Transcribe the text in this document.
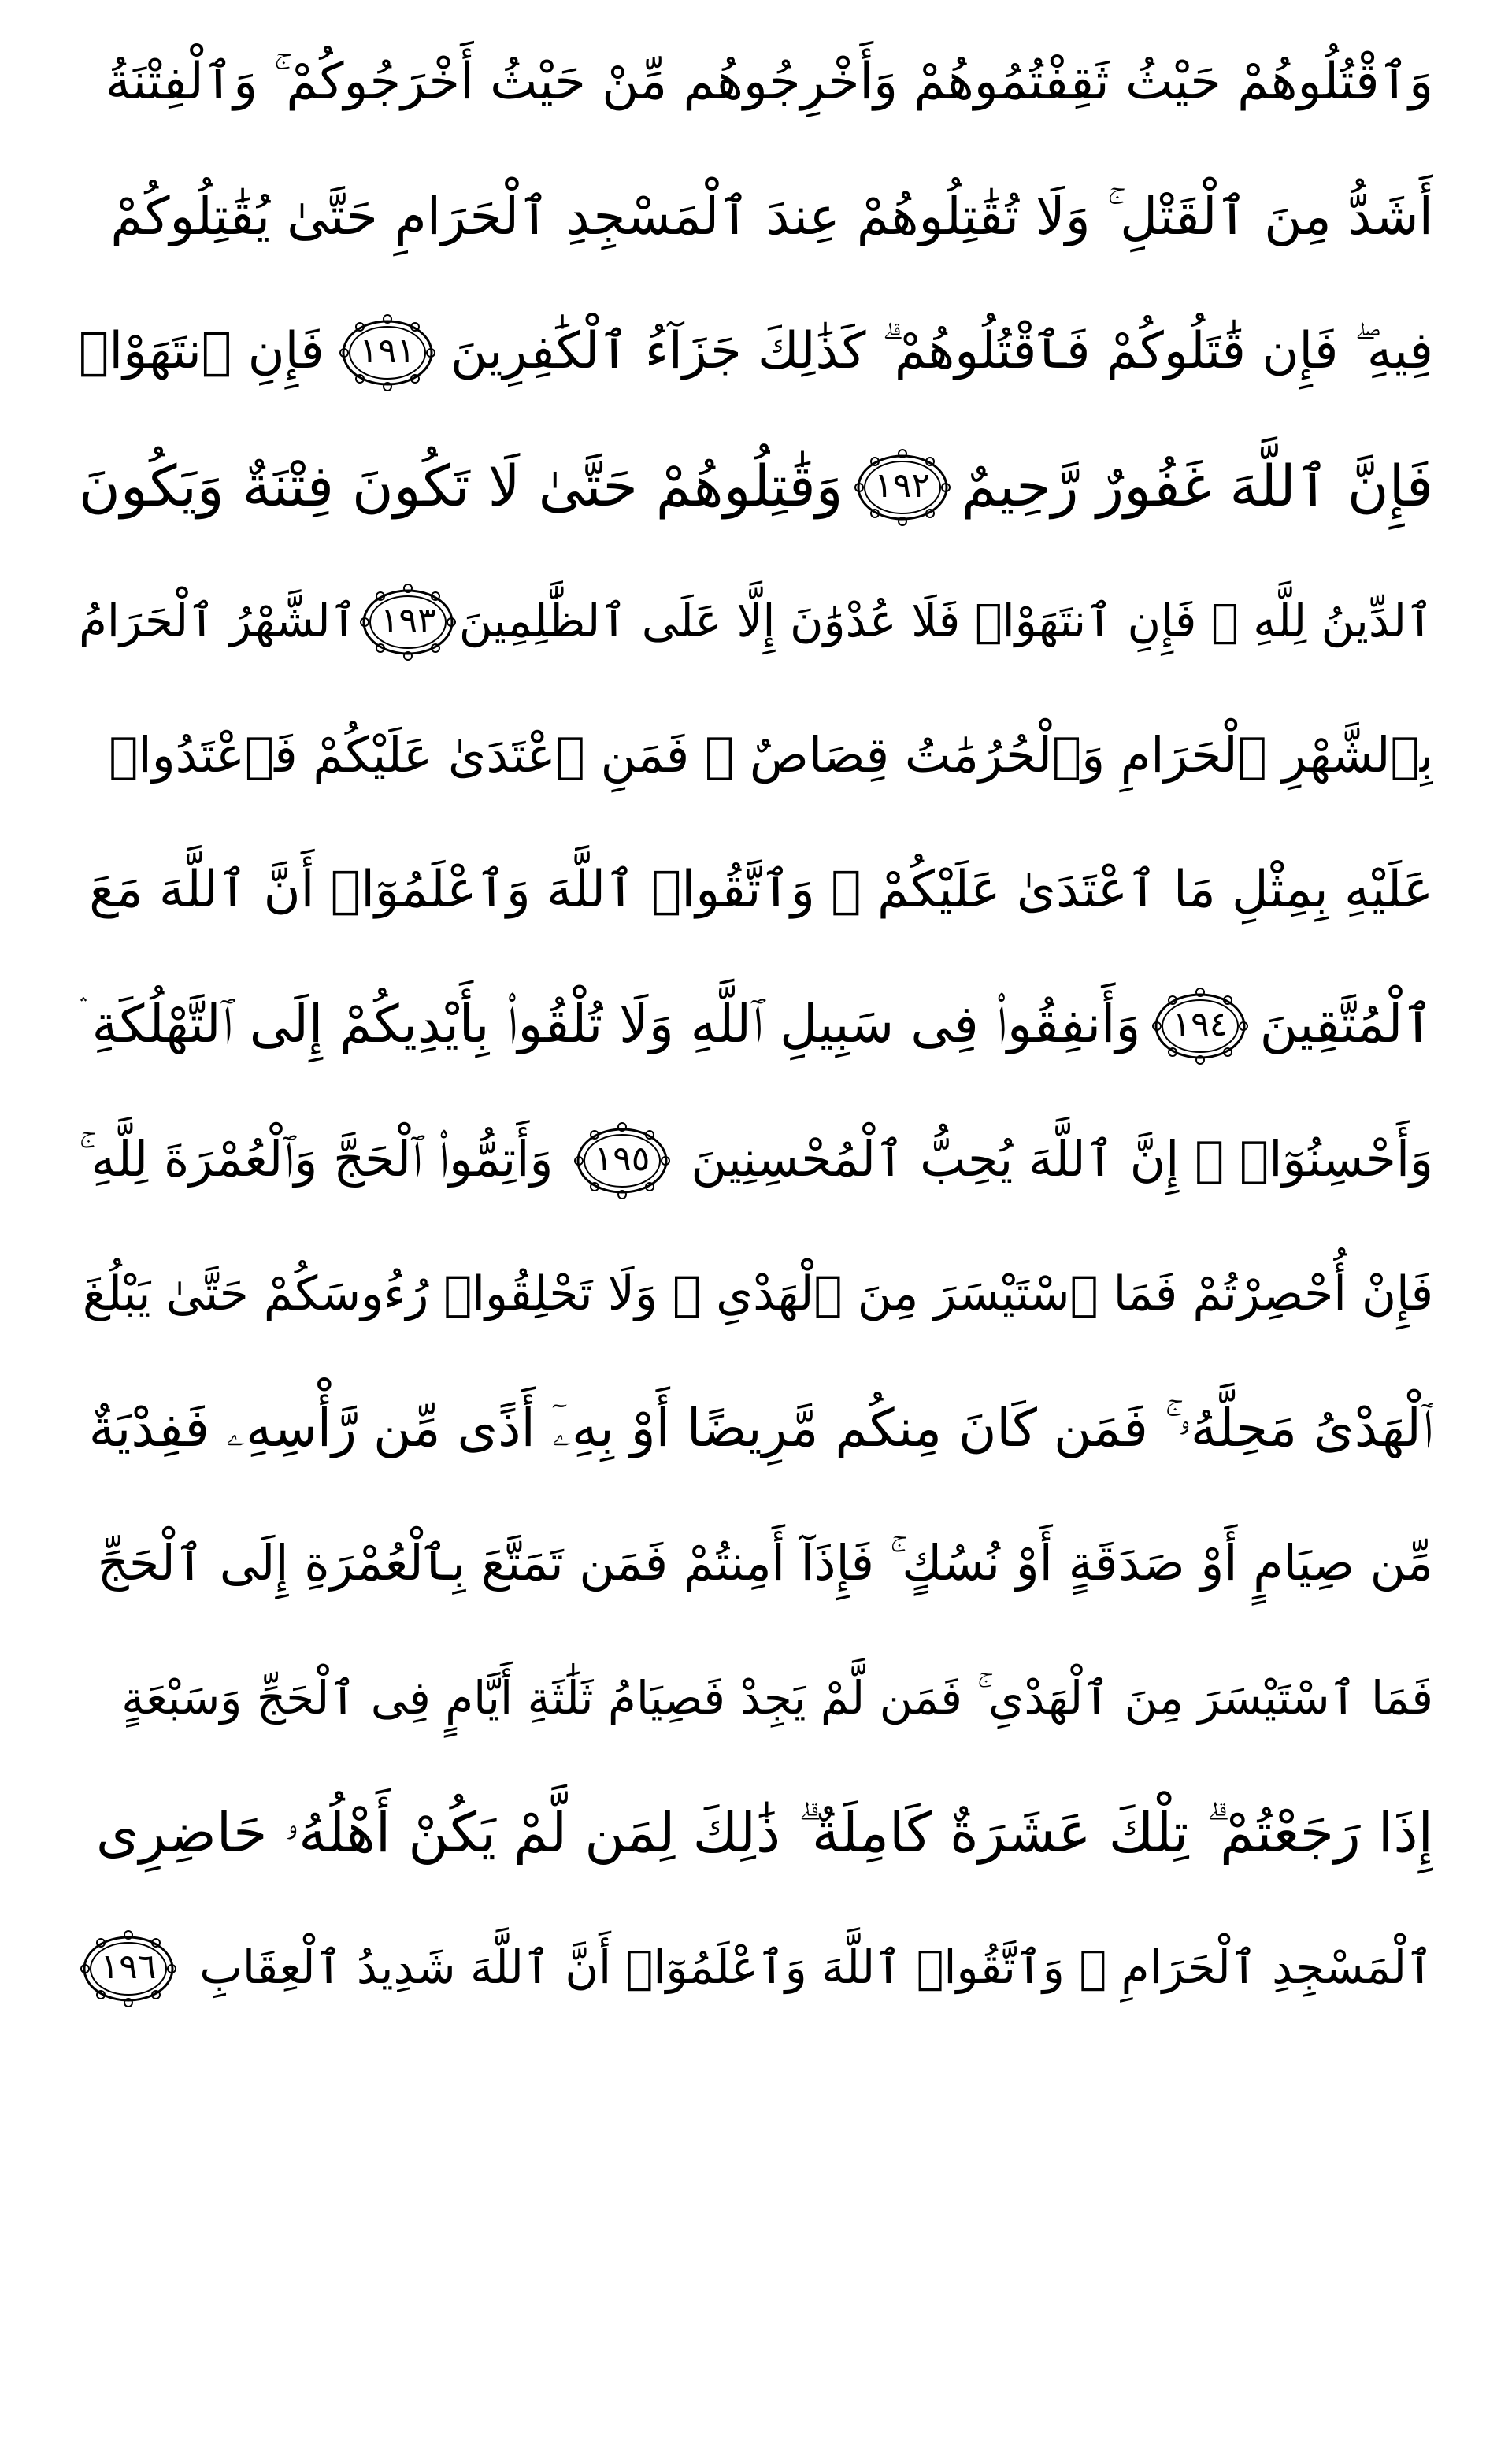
وَٱقْتُلُوهُمْ حَيْثُ ثَقِفْتُمُوهُمْ وَأَخْرِجُوهُم مِّنْ حَيْثُ أَخْرَجُوكُمْ ۚ وَٱلْفِتْنَةُ
أَشَدُّ مِنَ ٱلْقَتْلِ ۚ وَلَا تُقَٰتِلُوهُمْ عِندَ ٱلْمَسْجِدِ ٱلْحَرَامِ حَتَّىٰ يُقَٰتِلُوكُمْ
فِيهِ ۖ فَإِن قَٰتَلُوكُمْ فَٱقْتُلُوهُمْ ۗ كَذَٰلِكَ جَزَآءُ ٱلْكَٰفِرِينَ
١٩١
فَإِنِ ٱنتَهَوْا۟
فَإِنَّ ٱللَّهَ غَفُورٌ رَّحِيمٌ
١٩٢
وَقَٰتِلُوهُمْ حَتَّىٰ لَا تَكُونَ فِتْنَةٌ وَيَكُونَ
ٱلدِّينُ لِلَّهِ ۖ فَإِنِ ٱنتَهَوْا۟ فَلَا عُدْوَٰنَ إِلَّا عَلَى ٱلظَّٰلِمِينَ
١٩٣
ٱلشَّهْرُ ٱلْحَرَامُ
بِٱلشَّهْرِ ٱلْحَرَامِ وَٱلْحُرُمَٰتُ قِصَاصٌ ۚ فَمَنِ ٱعْتَدَىٰ عَلَيْكُمْ فَٱعْتَدُوا۟
عَلَيْهِ بِمِثْلِ مَا ٱعْتَدَىٰ عَلَيْكُمْ ۚ وَٱتَّقُوا۟ ٱللَّهَ وَٱعْلَمُوٓا۟ أَنَّ ٱللَّهَ مَعَ
ٱلْمُتَّقِينَ
١٩٤
وَأَنفِقُوا۟ فِى سَبِيلِ ٱللَّهِ وَلَا تُلْقُوا۟ بِأَيْدِيكُمْ إِلَى ٱلتَّهْلُكَةِ ۛ
وَأَحْسِنُوٓا۟ ۛ إِنَّ ٱللَّهَ يُحِبُّ ٱلْمُحْسِنِينَ
١٩٥
وَأَتِمُّوا۟ ٱلْحَجَّ وَٱلْعُمْرَةَ لِلَّهِ ۚ
فَإِنْ أُحْصِرْتُمْ فَمَا ٱسْتَيْسَرَ مِنَ ٱلْهَدْىِ ۖ وَلَا تَحْلِقُوا۟ رُءُوسَكُمْ حَتَّىٰ يَبْلُغَ
ٱلْهَدْىُ مَحِلَّهُۥ ۚ فَمَن كَانَ مِنكُم مَّرِيضًا أَوْ بِهِۦٓ أَذًى مِّن رَّأْسِهِۦ فَفِدْيَةٌ
مِّن صِيَامٍ أَوْ صَدَقَةٍ أَوْ نُسُكٍ ۚ فَإِذَآ أَمِنتُمْ فَمَن تَمَتَّعَ بِٱلْعُمْرَةِ إِلَى ٱلْحَجِّ
فَمَا ٱسْتَيْسَرَ مِنَ ٱلْهَدْىِ ۚ فَمَن لَّمْ يَجِدْ فَصِيَامُ ثَلَٰثَةِ أَيَّامٍ فِى ٱلْحَجِّ وَسَبْعَةٍ
إِذَا رَجَعْتُمْ ۗ تِلْكَ عَشَرَةٌ كَامِلَةٌ ۗ ذَٰلِكَ لِمَن لَّمْ يَكُنْ أَهْلُهُۥ حَاضِرِى
ٱلْمَسْجِدِ ٱلْحَرَامِ ۚ وَٱتَّقُوا۟ ٱللَّهَ وَٱعْلَمُوٓا۟ أَنَّ ٱللَّهَ شَدِيدُ ٱلْعِقَابِ
١٩٦
